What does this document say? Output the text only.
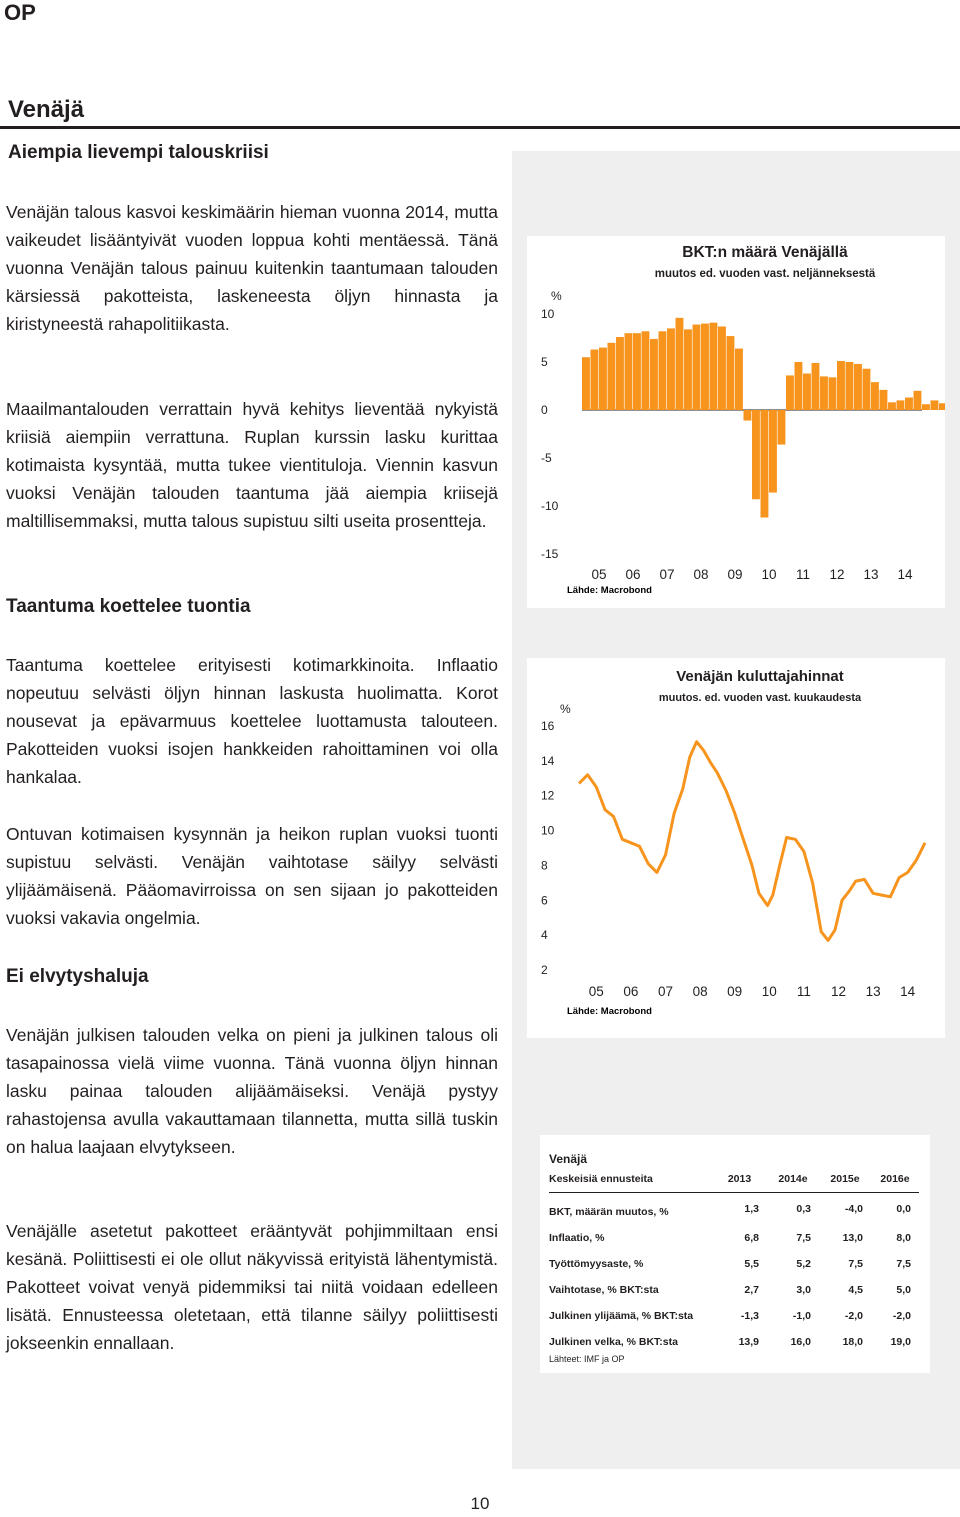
OP
Venäjä
Aiempia lievempi talouskriisi
Venäjän talous kasvoi keskimäärin hieman vuonna 2014, mutta vaikeudet lisääntyivät vuoden loppua kohti mentäessä. Tänä vuonna Venäjän talous painuu kuitenkin taantumaan talouden kärsiessä pakotteista, laskeneesta öljyn hinnasta ja kiristyneestä rahapolitiikasta.
Maailmantalouden verrattain hyvä kehitys lieventää nykyistä kriisiä aiempiin verrattuna. Ruplan kurssin lasku kurittaa kotimaista kysyntää, mutta tukee vientituloja. Viennin kasvun vuoksi Venäjän talouden taantuma jää aiempia kriisejä maltillisemmaksi, mutta talous supistuu silti useita prosentteja.
Taantuma koettelee tuontia
Taantuma koettelee erityisesti kotimarkkinoita. Inflaatio nopeutuu selvästi öljyn hinnan laskusta huolimatta. Korot nousevat ja epävarmuus koettelee luottamusta talouteen. Pakotteiden vuoksi isojen hankkeiden rahoittaminen voi olla hankalaa.
Ontuvan kotimaisen kysynnän ja heikon ruplan vuoksi tuonti supistuu selvästi. Venäjän vaihtotase säilyy selvästi ylijäämäisenä. Pääomavirroissa on sen sijaan jo pakotteiden vuoksi vakavia ongelmia.
Ei elvytyshaluja
Venäjän julkisen talouden velka on pieni ja julkinen talous oli tasapainossa vielä viime vuonna. Tänä vuonna öljyn hinnan lasku painaa talouden alijäämäiseksi. Venäjä pystyy rahastojensa avulla vakauttamaan tilannetta, mutta sillä tuskin on halua laajaan elvytykseen.
Venäjälle asetetut pakotteet erääntyvät pohjimmiltaan ensi kesänä. Poliittisesti ei ole ollut näkyvissä erityistä lähentymistä. Pakotteet voivat venyä pidemmiksi tai niitä voidaan edelleen lisätä. Ennusteessa oletetaan, että tilanne säilyy poliittisesti jokseenkin ennallaan.
BKT:n määrä Venäjällä
muutos ed. vuoden vast. neljänneksestä
10
5
0
-5
-10
-15
%
05 06 07 08 09 10 11 12 13 14
Lähde: Macrobond
Venäjän kuluttajahinnat
muutos. ed. vuoden vast. kuukaudesta
16
14
12
10
8
6
4
2
%
05 06 07 08 09 10 11 12 13 14
Lähde: Macrobond
Venäjä
Keskeisiä ennusteita	2013	2014e	2015e	2016e
BKT, määrän muutos, %	1,3	0,3	-4,0	0,0
Inflaatio, %	6,8	7,5	13,0	8,0
Työttömyysaste, %	5,5	5,2	7,5	7,5
Vaihtotase, % BKT:sta	2,7	3,0	4,5	5,0
Julkinen ylijäämä, % BKT:sta	-1,3	-1,0	-2,0	-2,0
Julkinen velka, % BKT:sta	13,9	16,0	18,0	19,0
Lähteet: IMF ja OP
10
